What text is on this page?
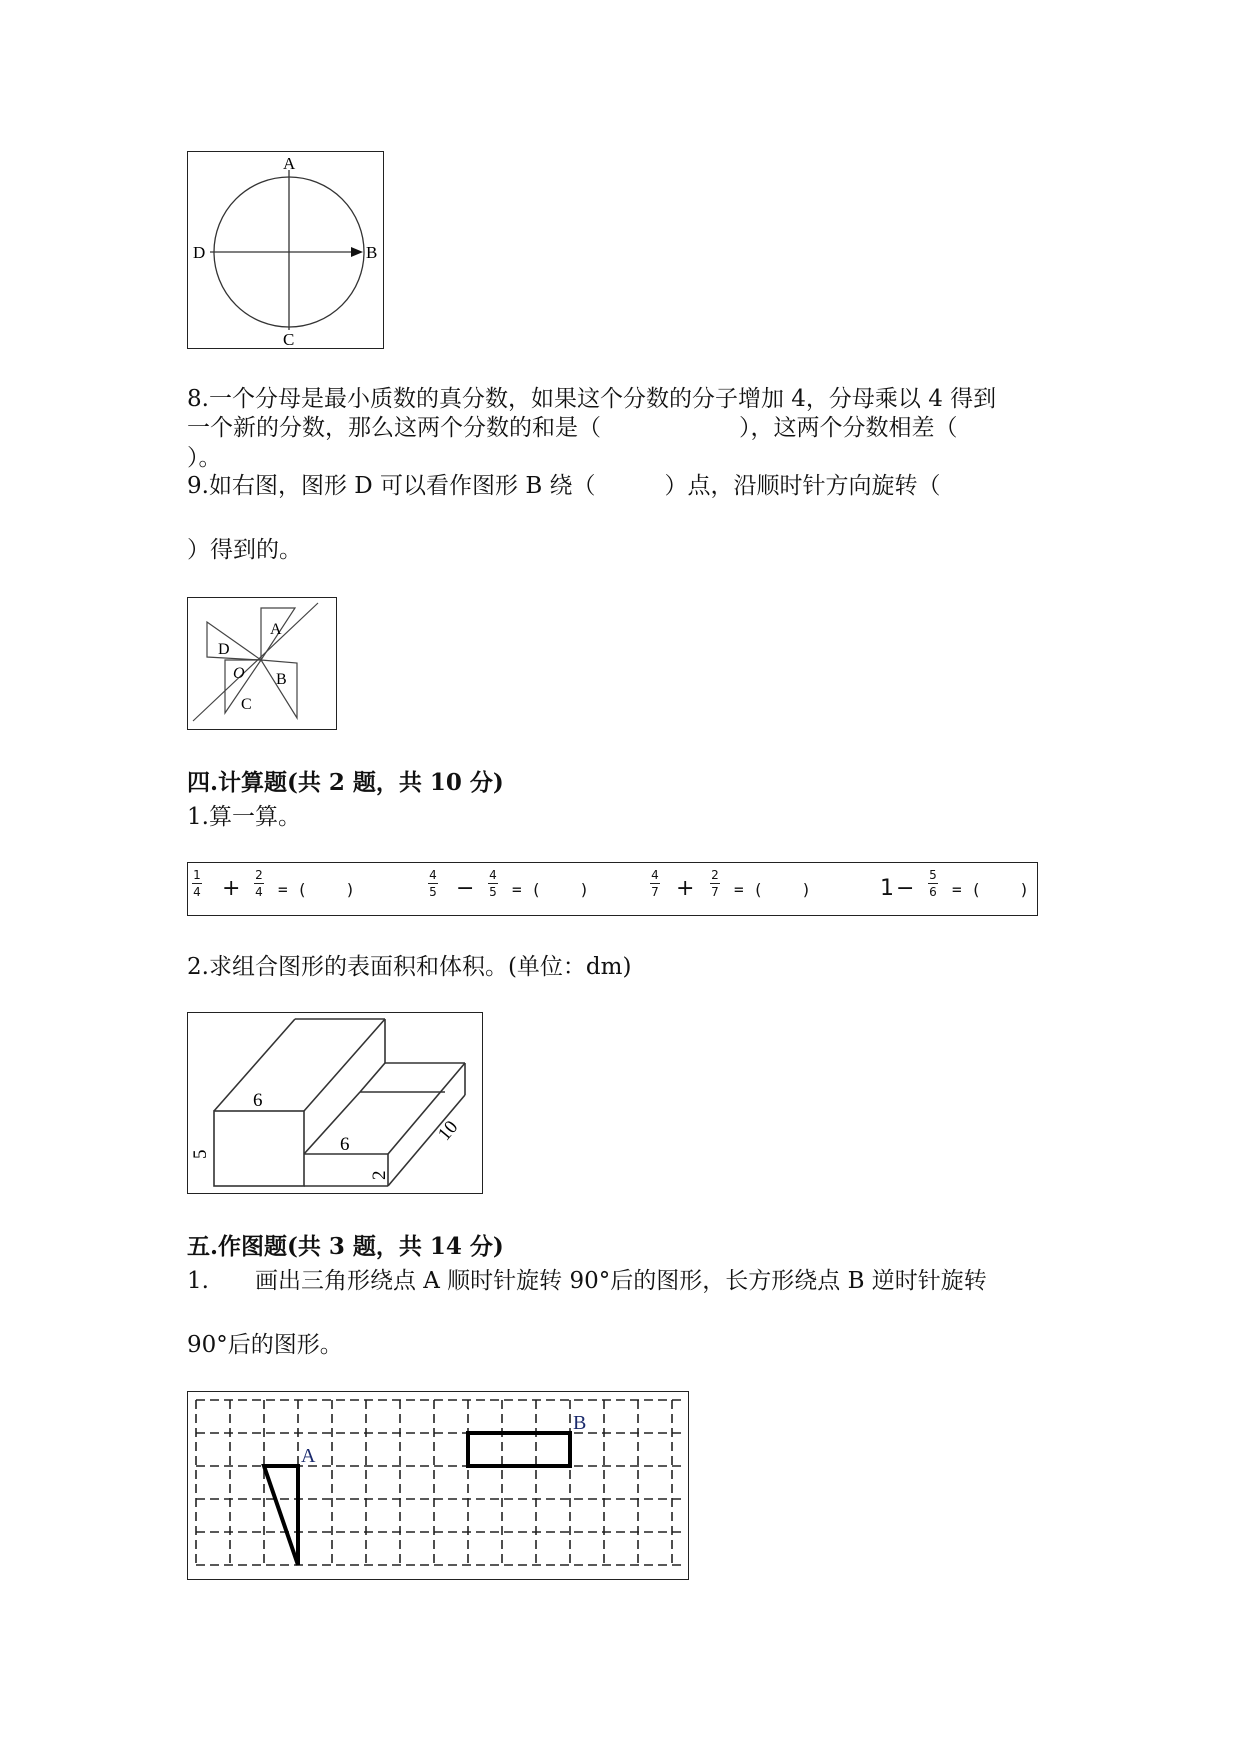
A
B
C
D
8.一个分母是最小质数的真分数，如果这个分数的分子增加 4，分母乘以 4 得到
一个新的分数，那么这两个分数的和是（　　　　　　），这两个分数相差（
）。
9.如右图，图形 D 可以看作图形 B 绕（　　　）点，沿顺时针方向旋转（
）得到的。
A
B
C
D
O
四.计算题(共 2 题，共 10 分)
1.算一算。
1
4 +
2
4 = (    )
4
5 −
4
5 = (    )
4
7 +
2
7 = (    )	1 −
5
6 = (    )
2.求组合图形的表面积和体积。(单位：dm)
6
6
5
2
10
五.作图题(共 3 题，共 14 分)
1.　　画出三角形绕点 A 顺时针旋转 90°后的图形，长方形绕点 B 逆时针旋转
90°后的图形。
A
B
